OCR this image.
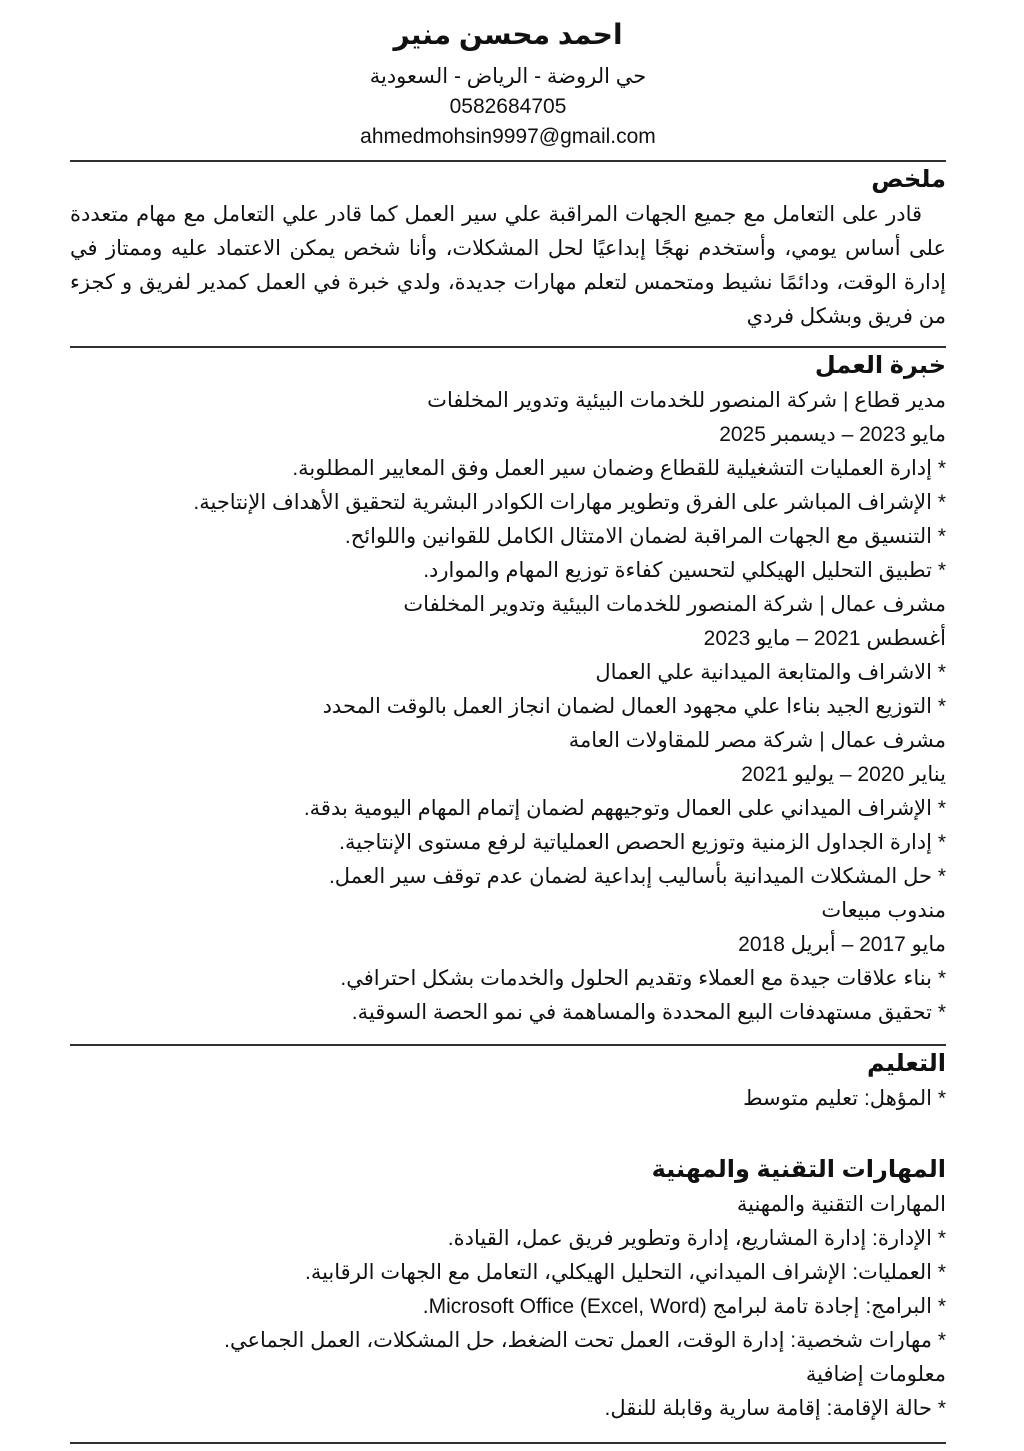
احمد محسن منير
حي الروضة - الرياض - السعودية
0582684705
ahmedmohsin9997@gmail.com
ملخص

قادر على التعامل مع جميع الجهات المراقبة علي سير العمل كما قادر علي التعامل مع مهام متعددة على أساس يومي، وأستخدم نهجًا إبداعيًا لحل المشكلات، وأنا شخص يمكن الاعتماد عليه وممتاز في إدارة الوقت، ودائمًا نشيط ومتحمس لتعلم مهارات جديدة، ولدي خبرة في العمل كمدير لفريق و كجزء من فريق وبشكل فردي

خبرة العمل
مدير قطاع | شركة المنصور للخدمات البيئية وتدوير المخلفات
مايو 2023 – ديسمبر 2025
* إدارة العمليات التشغيلية للقطاع وضمان سير العمل وفق المعايير المطلوبة.
* الإشراف المباشر على الفرق وتطوير مهارات الكوادر البشرية لتحقيق الأهداف الإنتاجية.
* التنسيق مع الجهات المراقبة لضمان الامتثال الكامل للقوانين واللوائح.
* تطبيق التحليل الهيكلي لتحسين كفاءة توزيع المهام والموارد.
مشرف عمال | شركة المنصور للخدمات البيئية وتدوير المخلفات
أغسطس 2021 – مايو 2023
* الاشراف والمتابعة الميدانية علي العمال
* التوزيع الجيد بناءا علي مجهود العمال لضمان انجاز العمل بالوقت المحدد
مشرف عمال | شركة مصر للمقاولات العامة
يناير 2020 – يوليو 2021
* الإشراف الميداني على العمال وتوجيههم لضمان إتمام المهام اليومية بدقة.
* إدارة الجداول الزمنية وتوزيع الحصص العملياتية لرفع مستوى الإنتاجية.
* حل المشكلات الميدانية بأساليب إبداعية لضمان عدم توقف سير العمل.
مندوب مبيعات
مايو 2017 – أبريل 2018
* بناء علاقات جيدة مع العملاء وتقديم الحلول والخدمات بشكل احترافي.
* تحقيق مستهدفات البيع المحددة والمساهمة في نمو الحصة السوقية.
التعليم
* المؤهل: تعليم متوسط
المهارات التقنية والمهنية
المهارات التقنية والمهنية
* الإدارة: إدارة المشاريع، إدارة وتطوير فريق عمل، القيادة.
* العمليات: الإشراف الميداني، التحليل الهيكلي، التعامل مع الجهات الرقابية.
* البرامج: إجادة تامة لبرامج Microsoft Office (Excel, Word).
* مهارات شخصية: إدارة الوقت، العمل تحت الضغط، حل المشكلات، العمل الجماعي.
معلومات إضافية
* حالة الإقامة: إقامة سارية وقابلة للنقل.
